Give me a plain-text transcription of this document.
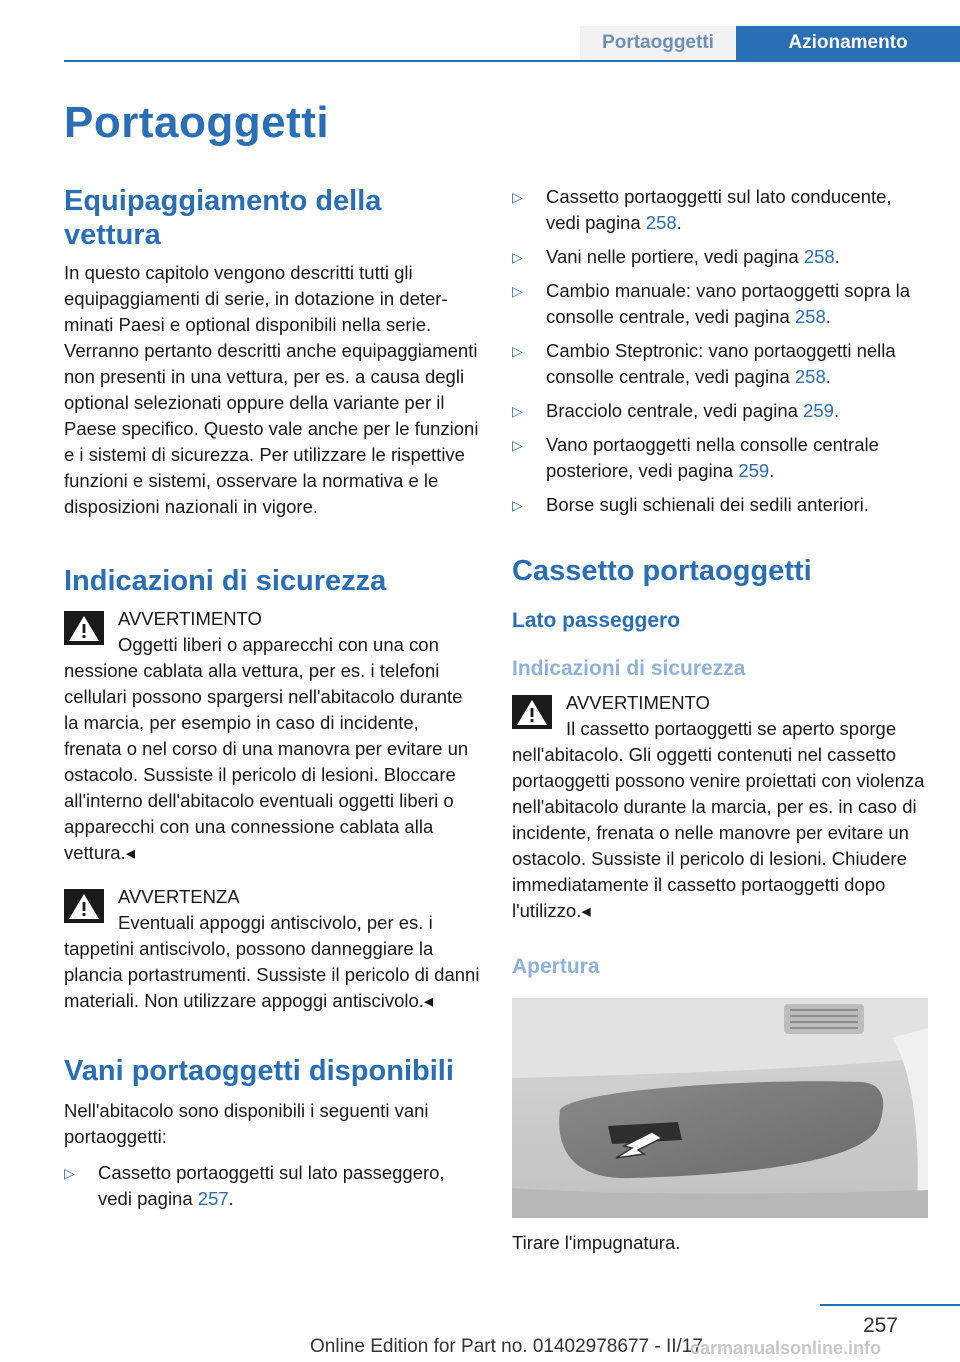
Portaoggetti	Azionamento
Portaoggetti
Equipaggiamento della vettura

In questo capitolo vengono descritti tutti gli equipaggiamenti di serie, in dotazione in determinati Paesi e optional disponibili nella serie. Verranno pertanto descritti anche equipaggiamenti non presenti in una vettura, per es. a causa degli optional selezionati oppure della variante per il Paese specifico. Questo vale anche per le funzioni e i sistemi di sicurezza. Per utilizzare le rispettive funzioni e sistemi, osservare la normativa e le disposizioni nazionali in vigore.

Indicazioni di sicurezza
AVVERTIMENTO

Oggetti liberi o apparecchi con una con
nessione cablata alla vettura, per es. i telefoni cellulari possono spargersi nell'abitacolo durante la marcia, per esempio in caso di incidente, frenata o nel corso di una manovra per evitare un ostacolo. Sussiste il pericolo di lesioni. Bloccare all'interno dell'abitacolo eventuali oggetti liberi o apparecchi con una connessione cablata alla vettura.◂

AVVERTENZA

Eventuali appoggi antiscivolo, per es. i
tappetini antiscivolo, possono danneggiare la plancia portastrumenti. Sussiste il pericolo di danni materiali. Non utilizzare appoggi antiscivolo.◂

Vani portaoggetti disponibili

Nell'abitacolo sono disponibili i seguenti vani portaoggetti:

▷ Cassetto portaoggetti sul lato passeggero, vedi pagina 257.
▷ Cassetto portaoggetti sul lato conducente, vedi pagina 258.
▷ Vani nelle portiere, vedi pagina 258.
▷ Cambio manuale: vano portaoggetti sopra la consolle centrale, vedi pagina 258.
▷ Cambio Steptronic: vano portaoggetti nella consolle centrale, vedi pagina 258.
▷ Bracciolo centrale, vedi pagina 259.
▷ Vano portaoggetti nella consolle centrale posteriore, vedi pagina 259.
▷ Borse sugli schienali dei sedili anteriori.
Cassetto portaoggetti
Lato passeggero
Indicazioni di sicurezza
AVVERTIMENTO

Il cassetto portaoggetti se aperto sporge
nell'abitacolo. Gli oggetti contenuti nel cassetto portaoggetti possono venire proiettati con violenza nell'abitacolo durante la marcia, per es. in caso di incidente, frenata o nelle manovre per evitare un ostacolo. Sussiste il pericolo di lesioni. Chiudere immediatamente il cassetto portaoggetti dopo l'utilizzo.◂

Apertura

Tirare l'impugnatura.

257
Online Edition for Part no. 01402978677 - II/17
carmanualsonline.info
